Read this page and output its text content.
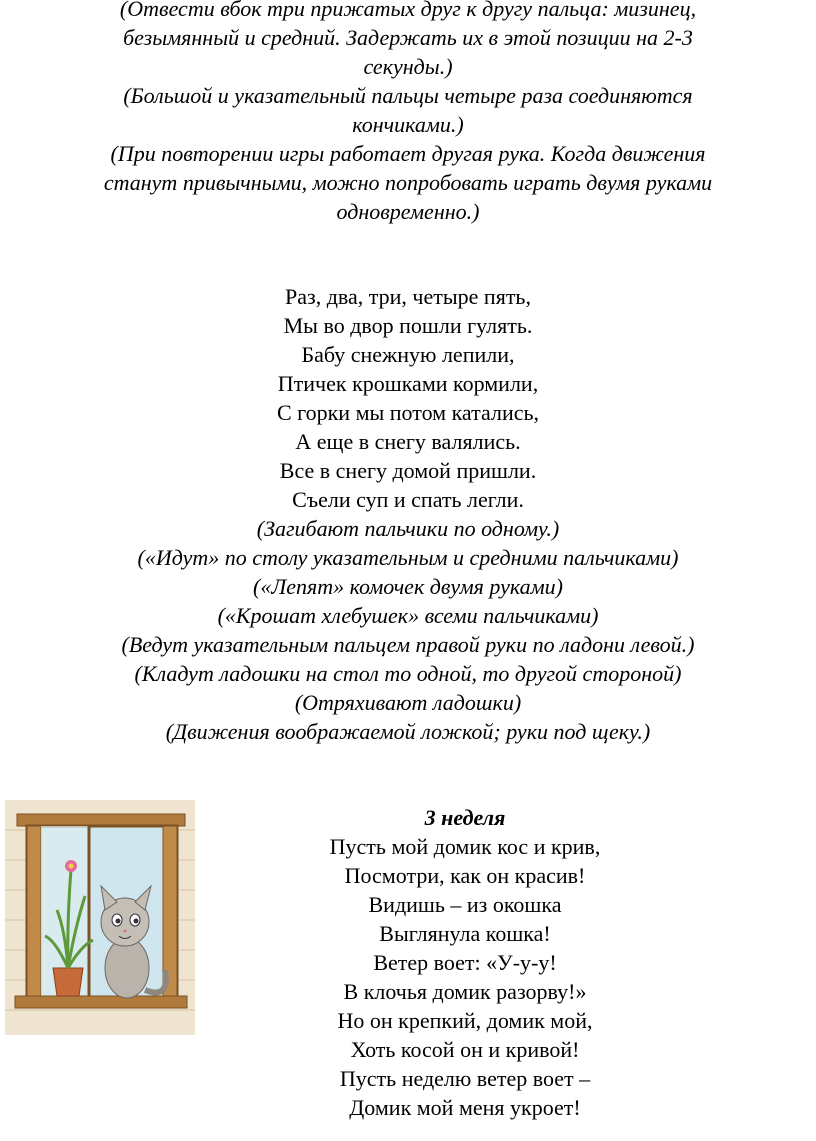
(Отвести вбок три прижатых друг к другу пальца: мизинец,
безымянный и средний. Задержать их в этой позиции на 2-3
секунды.)
(Большой и указательный пальцы четыре раза соединяются
кончиками.)
(При повторении игры работает другая рука. Когда движения
станут привычными, можно попробовать играть двумя руками
одновременно.)
Раз, два, три, четыре пять,
Мы во двор пошли гулять.
Бабу снежную лепили,
Птичек крошками кормили,
С горки мы потом катались,
А еще в снегу валялись.
Все в снегу домой пришли.
Съели суп и спать легли.
(Загибают пальчики по одному.)
(«Идут» по столу указательным и средними пальчиками)
(«Лепят» комочек двумя руками)
(«Крошат хлебушек» всеми пальчиками)
(Ведут указательным пальцем правой руки по ладони левой.)
(Кладут ладошки на стол то одной, то другой стороной)
(Отряхивают ладошки)
(Движения воображаемой ложкой; руки под щеку.)
3 неделя
Пусть мой домик кос и крив,
Посмотри, как он красив!
Видишь – из окошка
Выглянула кошка!
Ветер воет: «У-у-у!
В клочья домик разорву!»
Но он крепкий, домик мой,
Хоть косой он и кривой!
Пусть неделю ветер воет –
Домик мой меня укроет!
